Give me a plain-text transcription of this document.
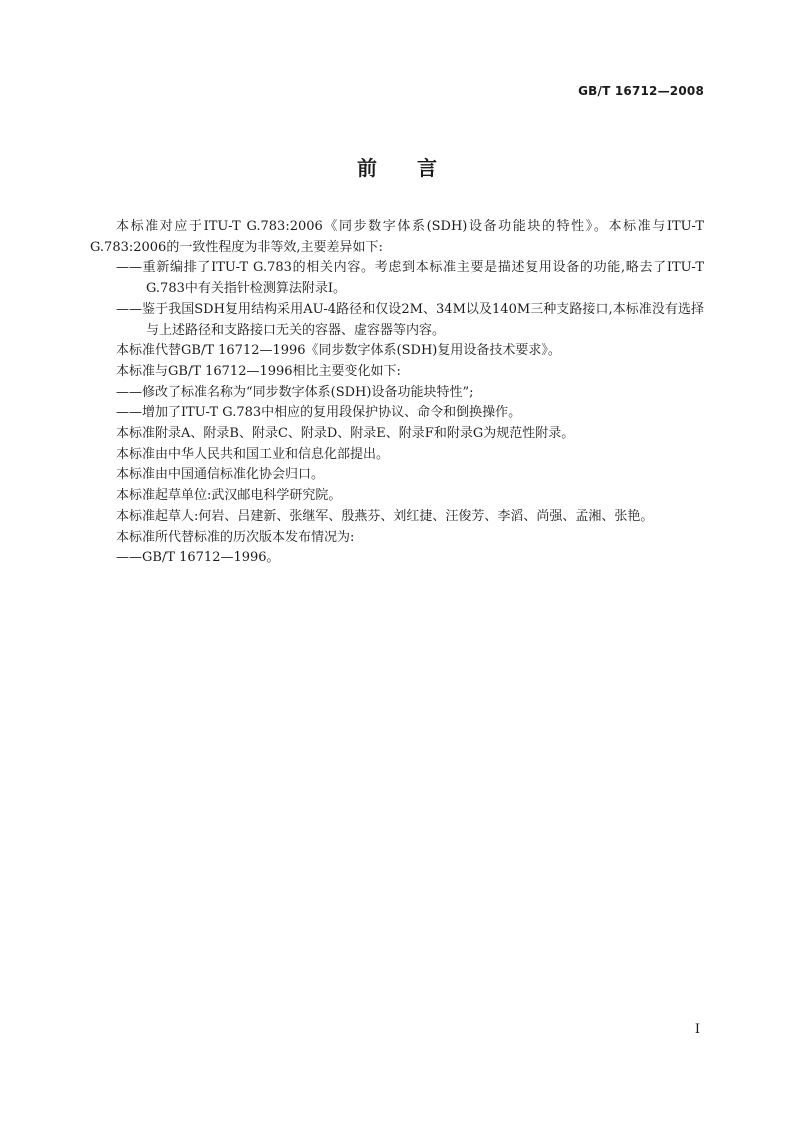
GB/T 16712—2008
前言

本标准对应于ITU-T G.783:2006《同步数字体系(SDH)设备功能块的特性》。本标准与ITU-T G.783:2006的一致性程度为非等效,主要差异如下:

——重新编排了ITU-T G.783的相关内容。考虑到本标准主要是描述复用设备的功能,略去了ITU-T G.783中有关指针检测算法附录I。

——鉴于我国SDH复用结构采用AU-4路径和仅设2M、34M以及140M三种支路接口,本标准没有选择与上述路径和支路接口无关的容器、虚容器等内容。

本标准代替GB/T 16712—1996《同步数字体系(SDH)复用设备技术要求》。

本标准与GB/T 16712—1996相比主要变化如下:

——修改了标准名称为“同步数字体系(SDH)设备功能块特性”;

——增加了ITU-T G.783中相应的复用段保护协议、命令和倒换操作。

本标准附录A、附录B、附录C、附录D、附录E、附录F和附录G为规范性附录。

本标准由中华人民共和国工业和信息化部提出。

本标准由中国通信标准化协会归口。

本标准起草单位:武汉邮电科学研究院。

本标准起草人:何岩、吕建新、张继军、殷燕芬、刘红捷、汪俊芳、李滔、尚强、孟湘、张艳。

本标准所代替标准的历次版本发布情况为:

——GB/T 16712—1996。

I
